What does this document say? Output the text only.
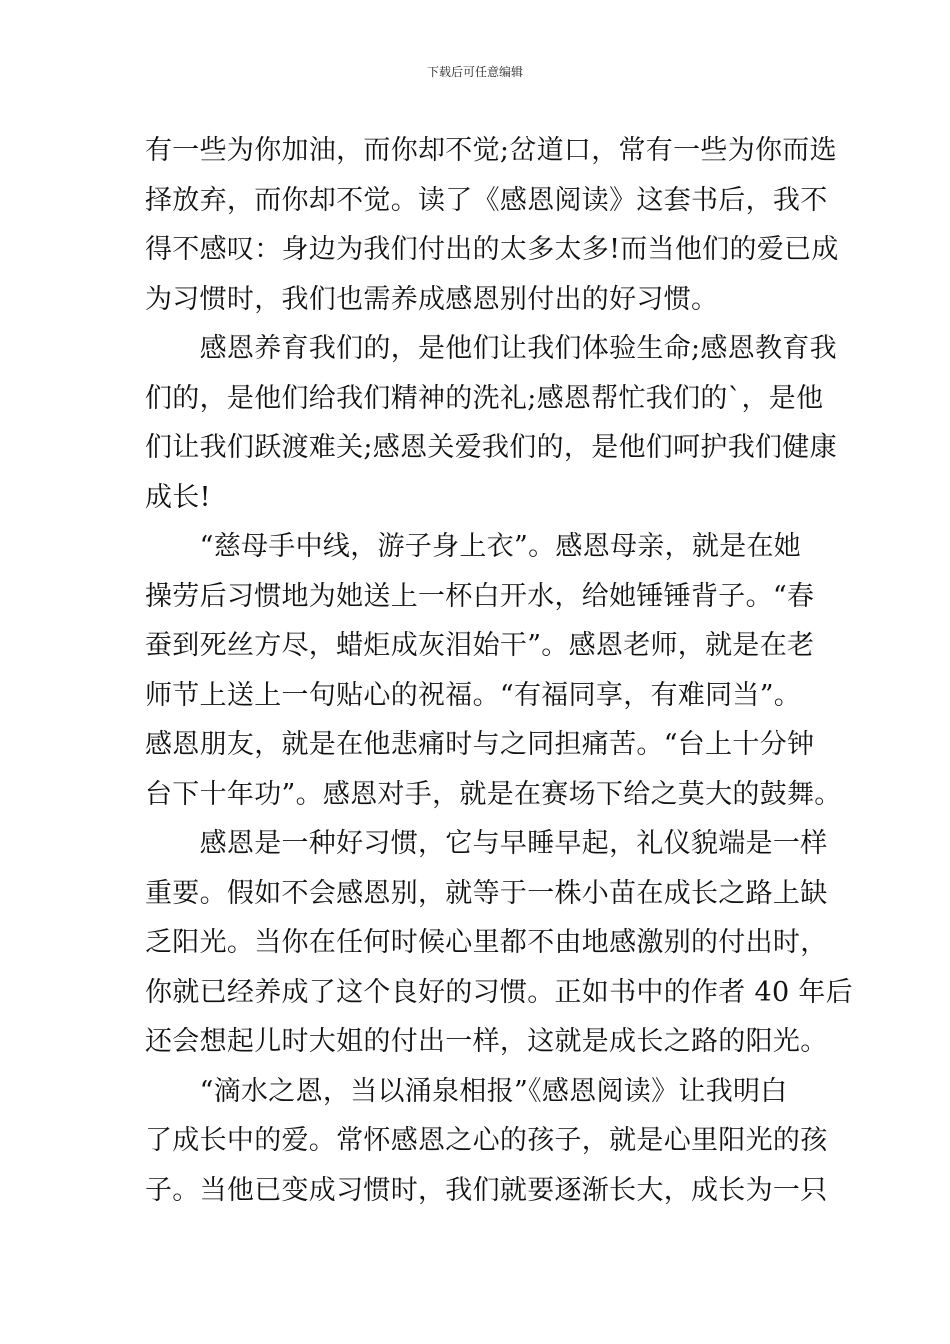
下载后可任意编辑
有一些为你加油，而你却不觉;岔道口，常有一些为你而选
择放弃，而你却不觉。读了《感恩阅读》这套书后，我不
得不感叹：身边为我们付出的太多太多!而当他们的爱已成
为习惯时，我们也需养成感恩别付出的好习惯。
　　感恩养育我们的，是他们让我们体验生命;感恩教育我
们的，是他们给我们精神的洗礼;感恩帮忙我们的`，是他
们让我们跃渡难关;感恩关爱我们的，是他们呵护我们健康
成长!
　　“慈母手中线，游子身上衣”。感恩母亲，就是在她
操劳后习惯地为她送上一杯白开水，给她锤锤背子。“春
蚕到死丝方尽，蜡炬成灰泪始干”。感恩老师，就是在老
师节上送上一句贴心的祝福。“有福同享，有难同当”。
感恩朋友，就是在他悲痛时与之同担痛苦。“台上十分钟
台下十年功”。感恩对手，就是在赛场下给之莫大的鼓舞。
　　感恩是一种好习惯，它与早睡早起，礼仪貌端是一样
重要。假如不会感恩别，就等于一株小苗在成长之路上缺
乏阳光。当你在任何时候心里都不由地感激别的付出时，
你就已经养成了这个良好的习惯。正如书中的作者 40 年后
还会想起儿时大姐的付出一样，这就是成长之路的阳光。
　　“滴水之恩，当以涌泉相报”《感恩阅读》让我明白
了成长中的爱。常怀感恩之心的孩子，就是心里阳光的孩
子。当他已变成习惯时，我们就要逐渐长大，成长为一只
